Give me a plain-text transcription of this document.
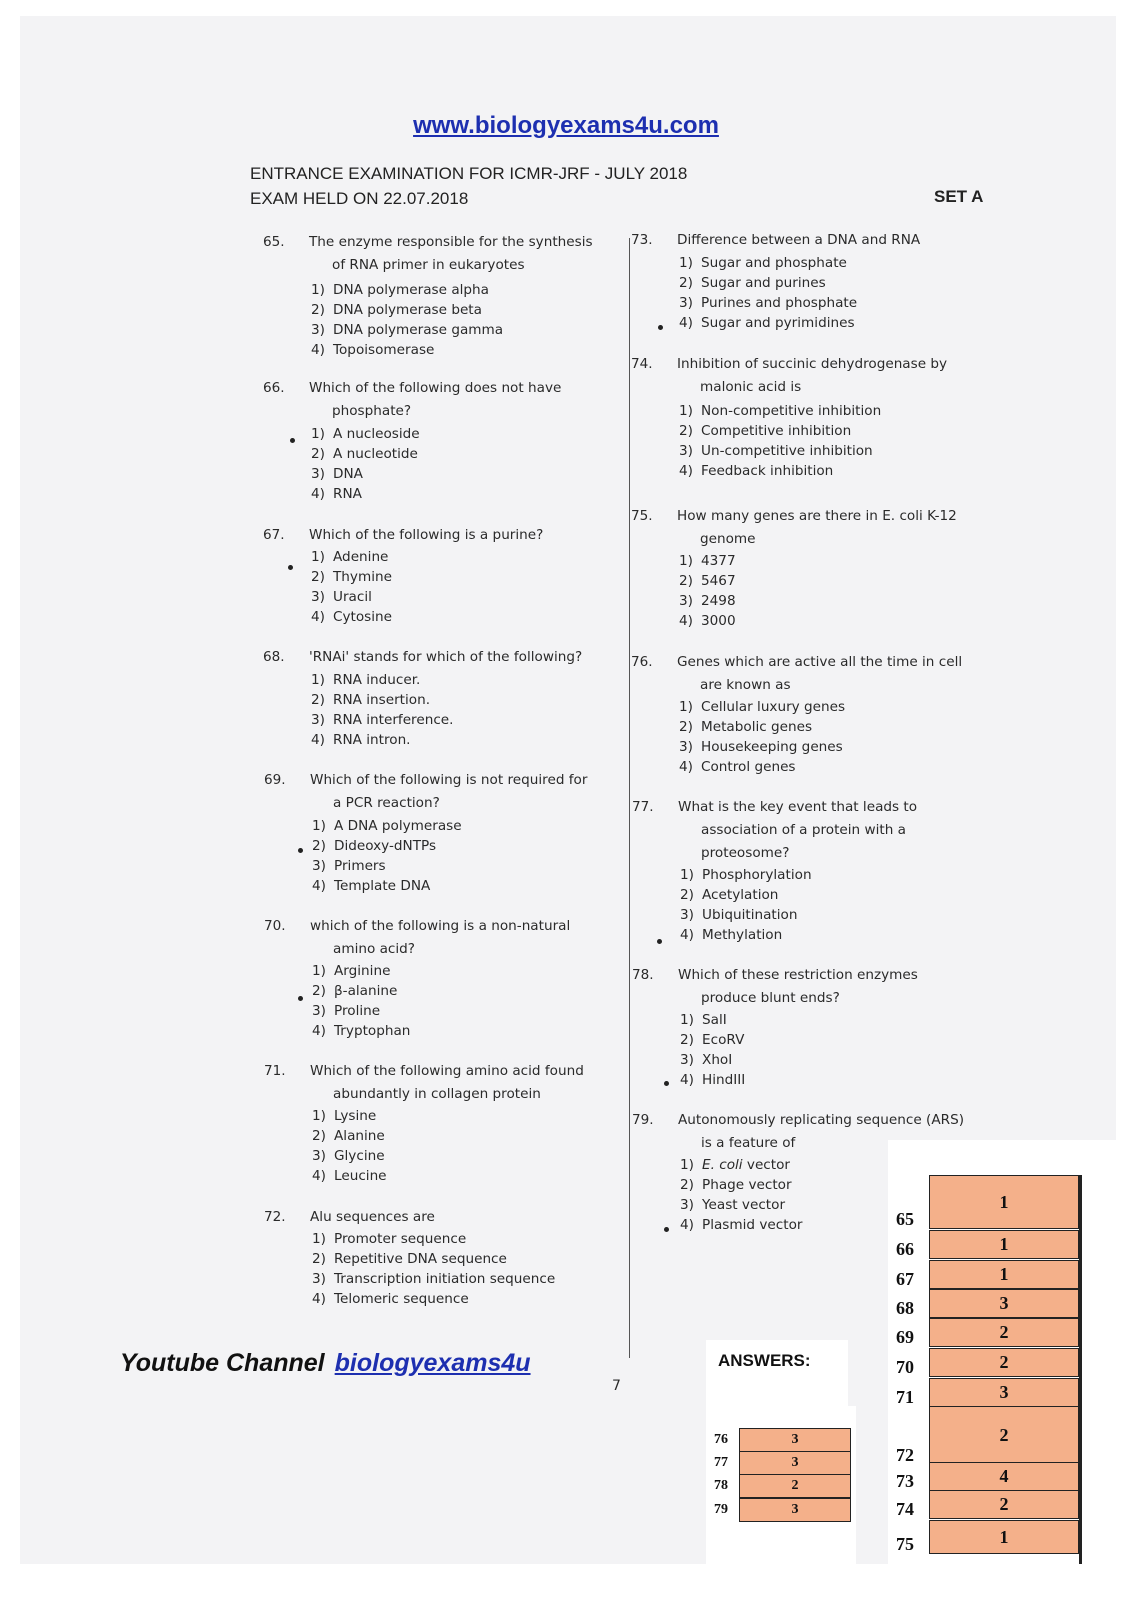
www.biologyexams4u.com
ENTRANCE EXAMINATION FOR ICMR-JRF - JULY 2018
EXAM HELD ON 22.07.2018	SET A
65. The enzyme responsible for the synthesis
of RNA primer in eukaryotes
1) DNA polymerase alpha
2) DNA polymerase beta
3) DNA polymerase gamma
4) Topoisomerase
66. Which of the following does not have
phosphate?
1) A nucleoside
2) A nucleotide
3) DNA
4) RNA
67. Which of the following is a purine?
1) Adenine
2) Thymine
3) Uracil
4) Cytosine
68. 'RNAi' stands for which of the following?
1) RNA inducer.
2) RNA insertion.
3) RNA interference.
4) RNA intron.
69. Which of the following is not required for
a PCR reaction?
1) A DNA polymerase
2) Dideoxy-dNTPs
3) Primers
4) Template DNA
70. which of the following is a non-natural
amino acid?
1) Arginine
2) β-alanine
3) Proline
4) Tryptophan
71. Which of the following amino acid found
abundantly in collagen protein
1) Lysine
2) Alanine
3) Glycine
4) Leucine
72. Alu sequences are
1) Promoter sequence
2) Repetitive DNA sequence
3) Transcription initiation sequence
4) Telomeric sequence
73. Difference between a DNA and RNA
1) Sugar and phosphate
2) Sugar and purines
3) Purines and phosphate
4) Sugar and pyrimidines
74. Inhibition of succinic dehydrogenase by
malonic acid is
1) Non-competitive inhibition
2) Competitive inhibition
3) Un-competitive inhibition
4) Feedback inhibition
75. How many genes are there in E. coli K-12
genome
1) 4377
2) 5467
3) 2498
4) 3000
76. Genes which are active all the time in cell
are known as
1) Cellular luxury genes
2) Metabolic genes
3) Housekeeping genes
4) Control genes
77. What is the key event that leads to
association of a protein with a
proteosome?
1) Phosphorylation
2) Acetylation
3) Ubiquitination
4) Methylation
78. Which of these restriction enzymes
produce blunt ends?
1) SalI
2) EcoRV
3) XhoI
4) HindIII
79. Autonomously replicating sequence (ARS)
is a feature of
1) E. coli vector
2) Phage vector
3) Yeast vector
4) Plasmid vector
Youtube Channel biologyexams4u
7
ANSWERS:
1
65
1
66
1
67
3
68
2
69
2
70
3
71
2
72
4
73
2
74
1
75
3
76
3
77
2
78
3
79
